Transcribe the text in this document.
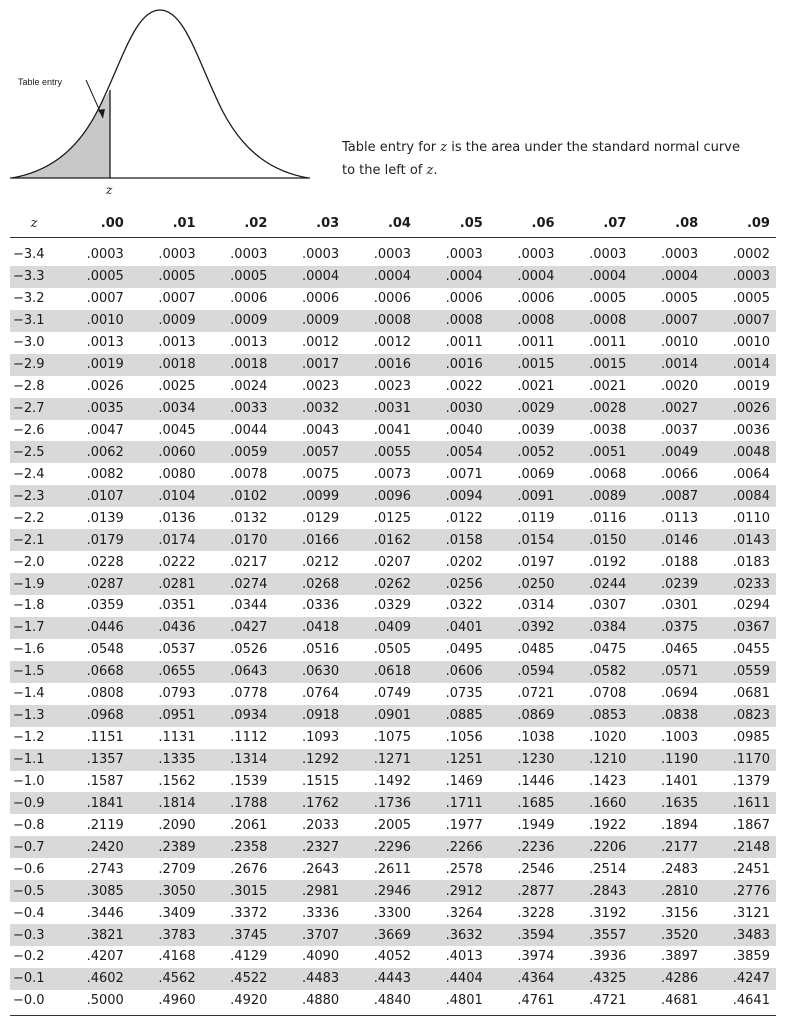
Table entry
z
Table entry for z is the area under the standard normal curve
to the left of z.
z	.00	.01	.02	.03	.04	.05	.06	.07	.08	.09
−3.4	.0003	.0003	.0003	.0003	.0003	.0003	.0003	.0003	.0003	.0002
−3.3	.0005	.0005	.0005	.0004	.0004	.0004	.0004	.0004	.0004	.0003
−3.2	.0007	.0007	.0006	.0006	.0006	.0006	.0006	.0005	.0005	.0005
−3.1	.0010	.0009	.0009	.0009	.0008	.0008	.0008	.0008	.0007	.0007
−3.0	.0013	.0013	.0013	.0012	.0012	.0011	.0011	.0011	.0010	.0010
−2.9	.0019	.0018	.0018	.0017	.0016	.0016	.0015	.0015	.0014	.0014
−2.8	.0026	.0025	.0024	.0023	.0023	.0022	.0021	.0021	.0020	.0019
−2.7	.0035	.0034	.0033	.0032	.0031	.0030	.0029	.0028	.0027	.0026
−2.6	.0047	.0045	.0044	.0043	.0041	.0040	.0039	.0038	.0037	.0036
−2.5	.0062	.0060	.0059	.0057	.0055	.0054	.0052	.0051	.0049	.0048
−2.4	.0082	.0080	.0078	.0075	.0073	.0071	.0069	.0068	.0066	.0064
−2.3	.0107	.0104	.0102	.0099	.0096	.0094	.0091	.0089	.0087	.0084
−2.2	.0139	.0136	.0132	.0129	.0125	.0122	.0119	.0116	.0113	.0110
−2.1	.0179	.0174	.0170	.0166	.0162	.0158	.0154	.0150	.0146	.0143
−2.0	.0228	.0222	.0217	.0212	.0207	.0202	.0197	.0192	.0188	.0183
−1.9	.0287	.0281	.0274	.0268	.0262	.0256	.0250	.0244	.0239	.0233
−1.8	.0359	.0351	.0344	.0336	.0329	.0322	.0314	.0307	.0301	.0294
−1.7	.0446	.0436	.0427	.0418	.0409	.0401	.0392	.0384	.0375	.0367
−1.6	.0548	.0537	.0526	.0516	.0505	.0495	.0485	.0475	.0465	.0455
−1.5	.0668	.0655	.0643	.0630	.0618	.0606	.0594	.0582	.0571	.0559
−1.4	.0808	.0793	.0778	.0764	.0749	.0735	.0721	.0708	.0694	.0681
−1.3	.0968	.0951	.0934	.0918	.0901	.0885	.0869	.0853	.0838	.0823
−1.2	.1151	.1131	.1112	.1093	.1075	.1056	.1038	.1020	.1003	.0985
−1.1	.1357	.1335	.1314	.1292	.1271	.1251	.1230	.1210	.1190	.1170
−1.0	.1587	.1562	.1539	.1515	.1492	.1469	.1446	.1423	.1401	.1379
−0.9	.1841	.1814	.1788	.1762	.1736	.1711	.1685	.1660	.1635	.1611
−0.8	.2119	.2090	.2061	.2033	.2005	.1977	.1949	.1922	.1894	.1867
−0.7	.2420	.2389	.2358	.2327	.2296	.2266	.2236	.2206	.2177	.2148
−0.6	.2743	.2709	.2676	.2643	.2611	.2578	.2546	.2514	.2483	.2451
−0.5	.3085	.3050	.3015	.2981	.2946	.2912	.2877	.2843	.2810	.2776
−0.4	.3446	.3409	.3372	.3336	.3300	.3264	.3228	.3192	.3156	.3121
−0.3	.3821	.3783	.3745	.3707	.3669	.3632	.3594	.3557	.3520	.3483
−0.2	.4207	.4168	.4129	.4090	.4052	.4013	.3974	.3936	.3897	.3859
−0.1	.4602	.4562	.4522	.4483	.4443	.4404	.4364	.4325	.4286	.4247
−0.0	.5000	.4960	.4920	.4880	.4840	.4801	.4761	.4721	.4681	.4641
